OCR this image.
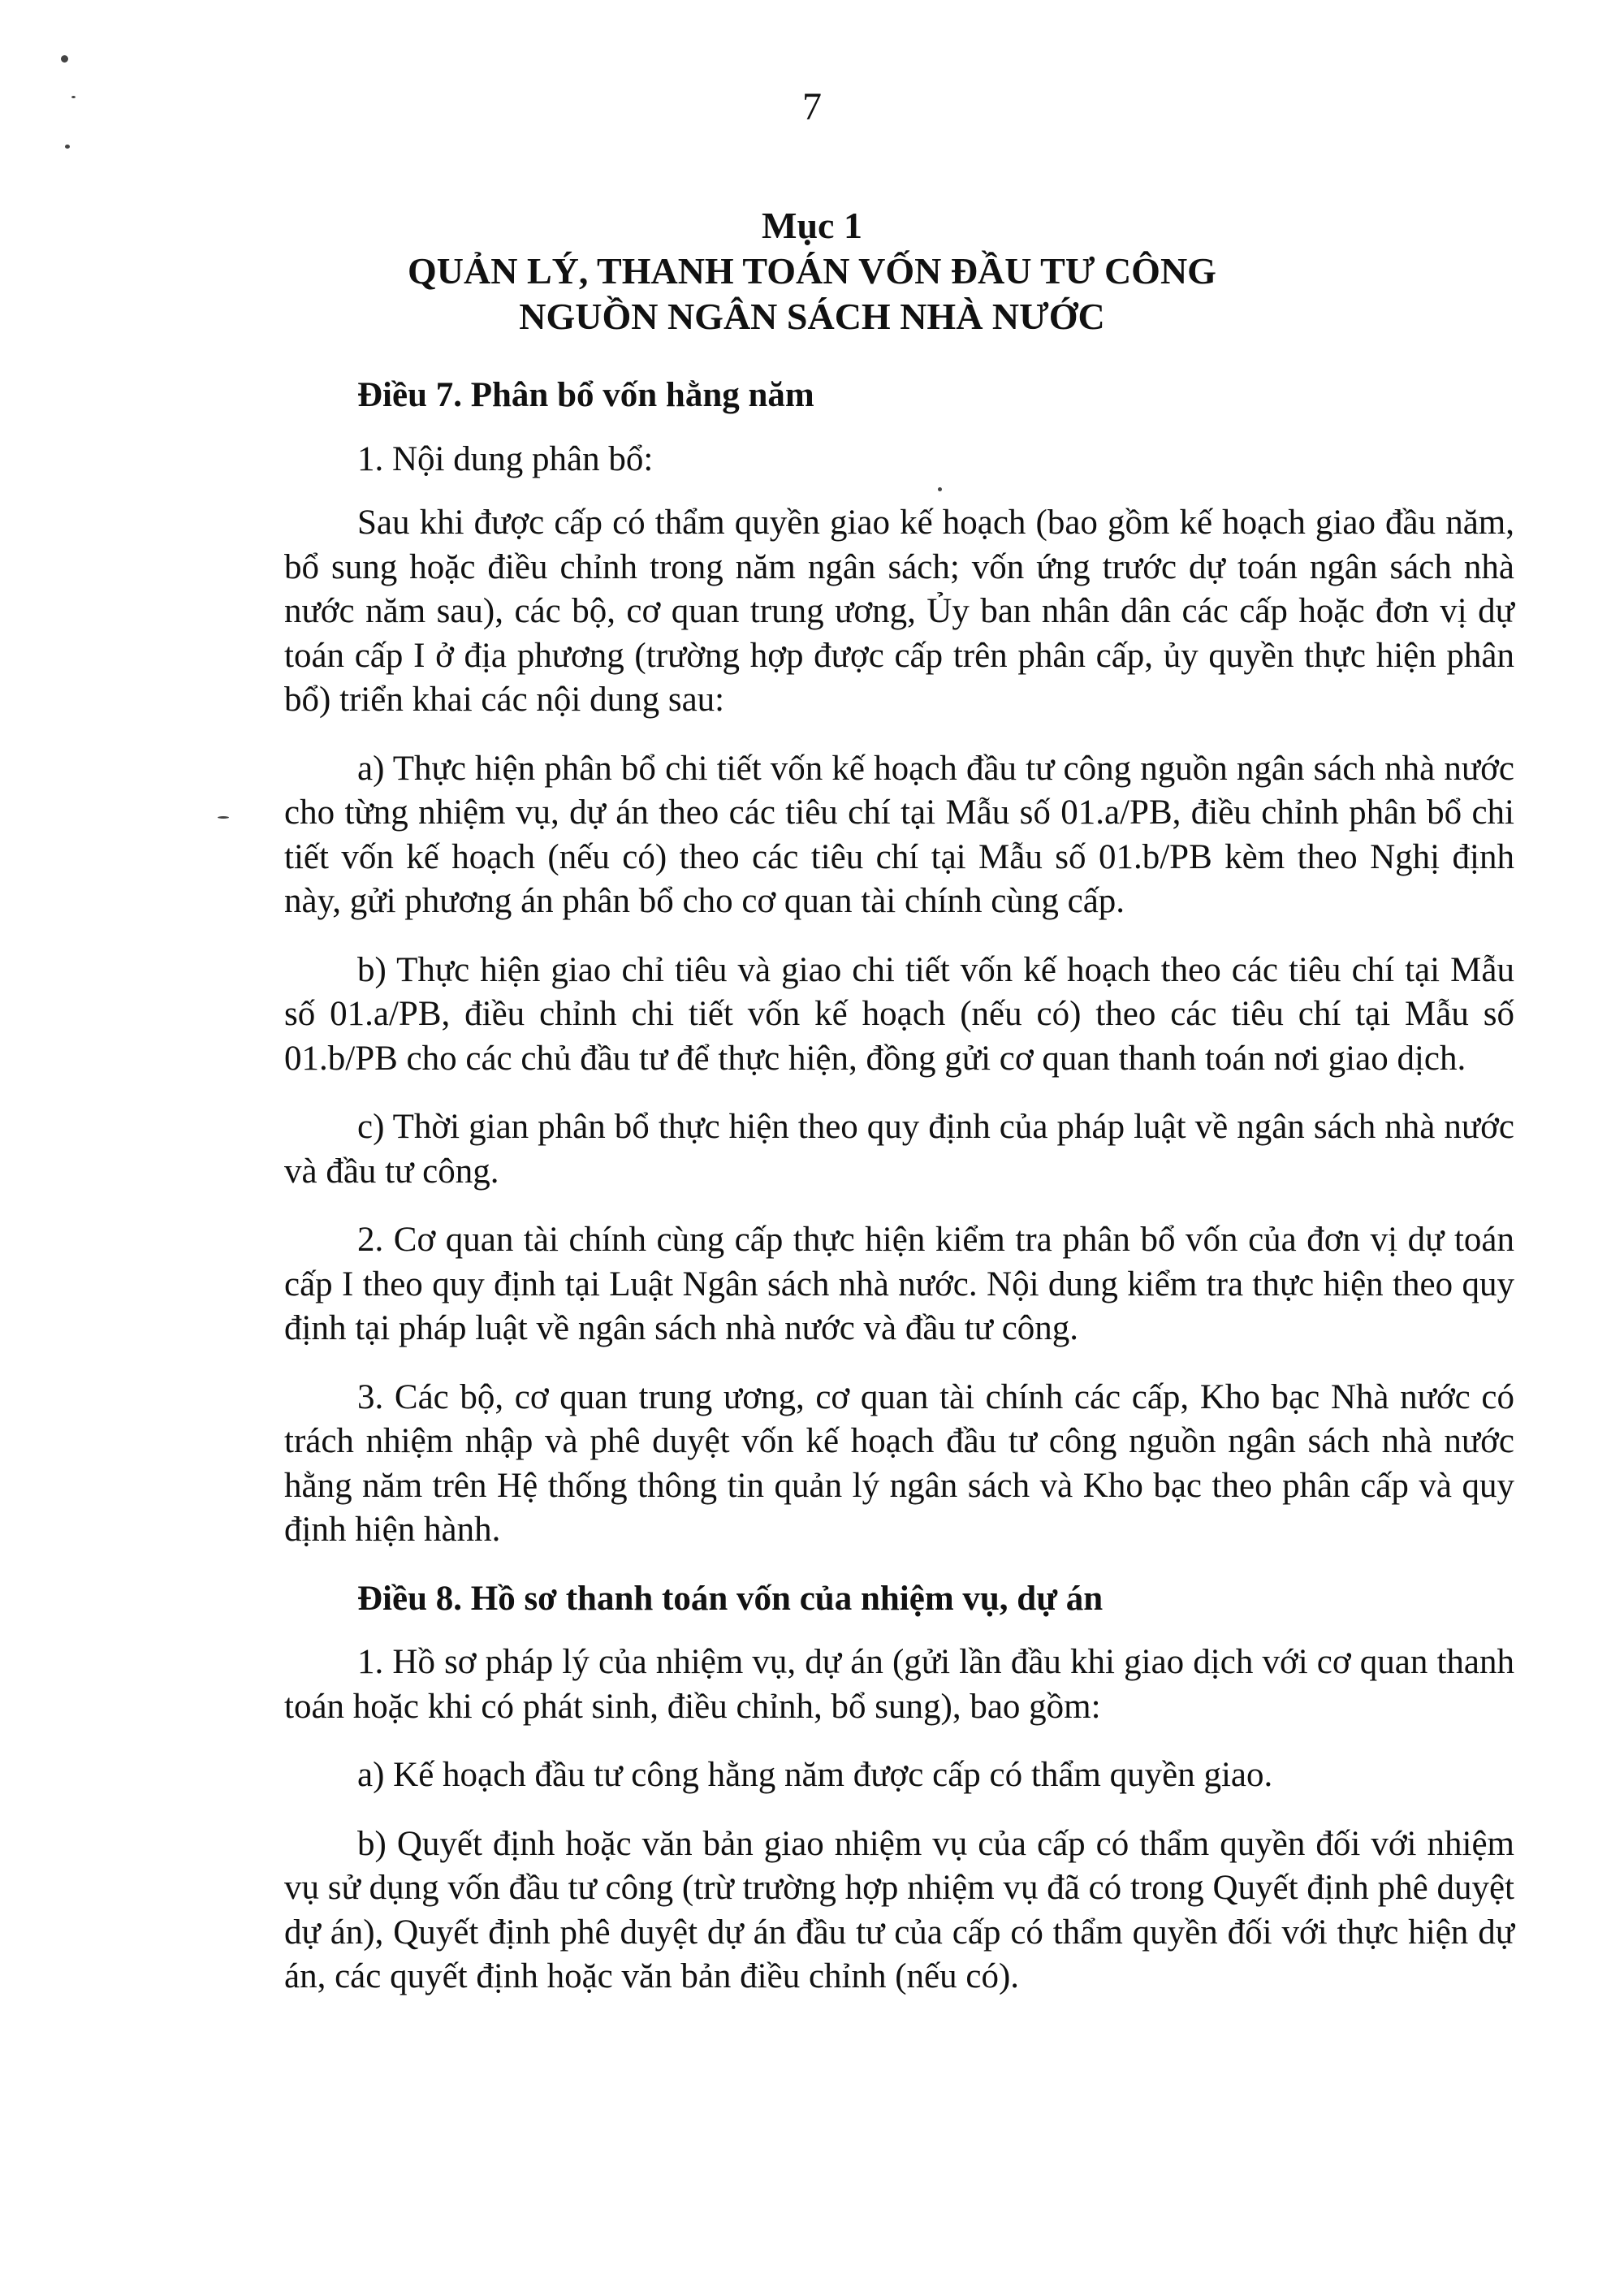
7
Mục 1
QUẢN LÝ, THANH TOÁN VỐN ĐẦU TƯ CÔNG
NGUỒN NGÂN SÁCH NHÀ NƯỚC
Điều 7. Phân bổ vốn hằng năm

1. Nội dung phân bổ:

Sau khi được cấp có thẩm quyền giao kế hoạch (bao gồm kế hoạch giao đầu năm, bổ sung hoặc điều chỉnh trong năm ngân sách; vốn ứng trước dự toán ngân sách nhà nước năm sau), các bộ, cơ quan trung ương, Ủy ban nhân dân các cấp hoặc đơn vị dự toán cấp I ở địa phương (trường hợp được cấp trên phân cấp, ủy quyền thực hiện phân bổ) triển khai các nội dung sau:

a) Thực hiện phân bổ chi tiết vốn kế hoạch đầu tư công nguồn ngân sách nhà nước cho từng nhiệm vụ, dự án theo các tiêu chí tại Mẫu số 01.a/PB, điều chỉnh phân bổ chi tiết vốn kế hoạch (nếu có) theo các tiêu chí tại Mẫu số 01.b/PB kèm theo Nghị định này, gửi phương án phân bổ cho cơ quan tài chính cùng cấp.

b) Thực hiện giao chỉ tiêu và giao chi tiết vốn kế hoạch theo các tiêu chí tại Mẫu số 01.a/PB, điều chỉnh chi tiết vốn kế hoạch (nếu có) theo các tiêu chí tại Mẫu số 01.b/PB cho các chủ đầu tư để thực hiện, đồng gửi cơ quan thanh toán nơi giao dịch.

c) Thời gian phân bổ thực hiện theo quy định của pháp luật về ngân sách nhà nước và đầu tư công.

2. Cơ quan tài chính cùng cấp thực hiện kiểm tra phân bổ vốn của đơn vị dự toán cấp I theo quy định tại Luật Ngân sách nhà nước. Nội dung kiểm tra thực hiện theo quy định tại pháp luật về ngân sách nhà nước và đầu tư công.

3. Các bộ, cơ quan trung ương, cơ quan tài chính các cấp, Kho bạc Nhà nước có trách nhiệm nhập và phê duyệt vốn kế hoạch đầu tư công nguồn ngân sách nhà nước hằng năm trên Hệ thống thông tin quản lý ngân sách và Kho bạc theo phân cấp và quy định hiện hành.

Điều 8. Hồ sơ thanh toán vốn của nhiệm vụ, dự án

1. Hồ sơ pháp lý của nhiệm vụ, dự án (gửi lần đầu khi giao dịch với cơ quan thanh toán hoặc khi có phát sinh, điều chỉnh, bổ sung), bao gồm:

a) Kế hoạch đầu tư công hằng năm được cấp có thẩm quyền giao.

b) Quyết định hoặc văn bản giao nhiệm vụ của cấp có thẩm quyền đối với nhiệm vụ sử dụng vốn đầu tư công (trừ trường hợp nhiệm vụ đã có trong Quyết định phê duyệt dự án), Quyết định phê duyệt dự án đầu tư của cấp có thẩm quyền đối với thực hiện dự án, các quyết định hoặc văn bản điều chỉnh (nếu có).
